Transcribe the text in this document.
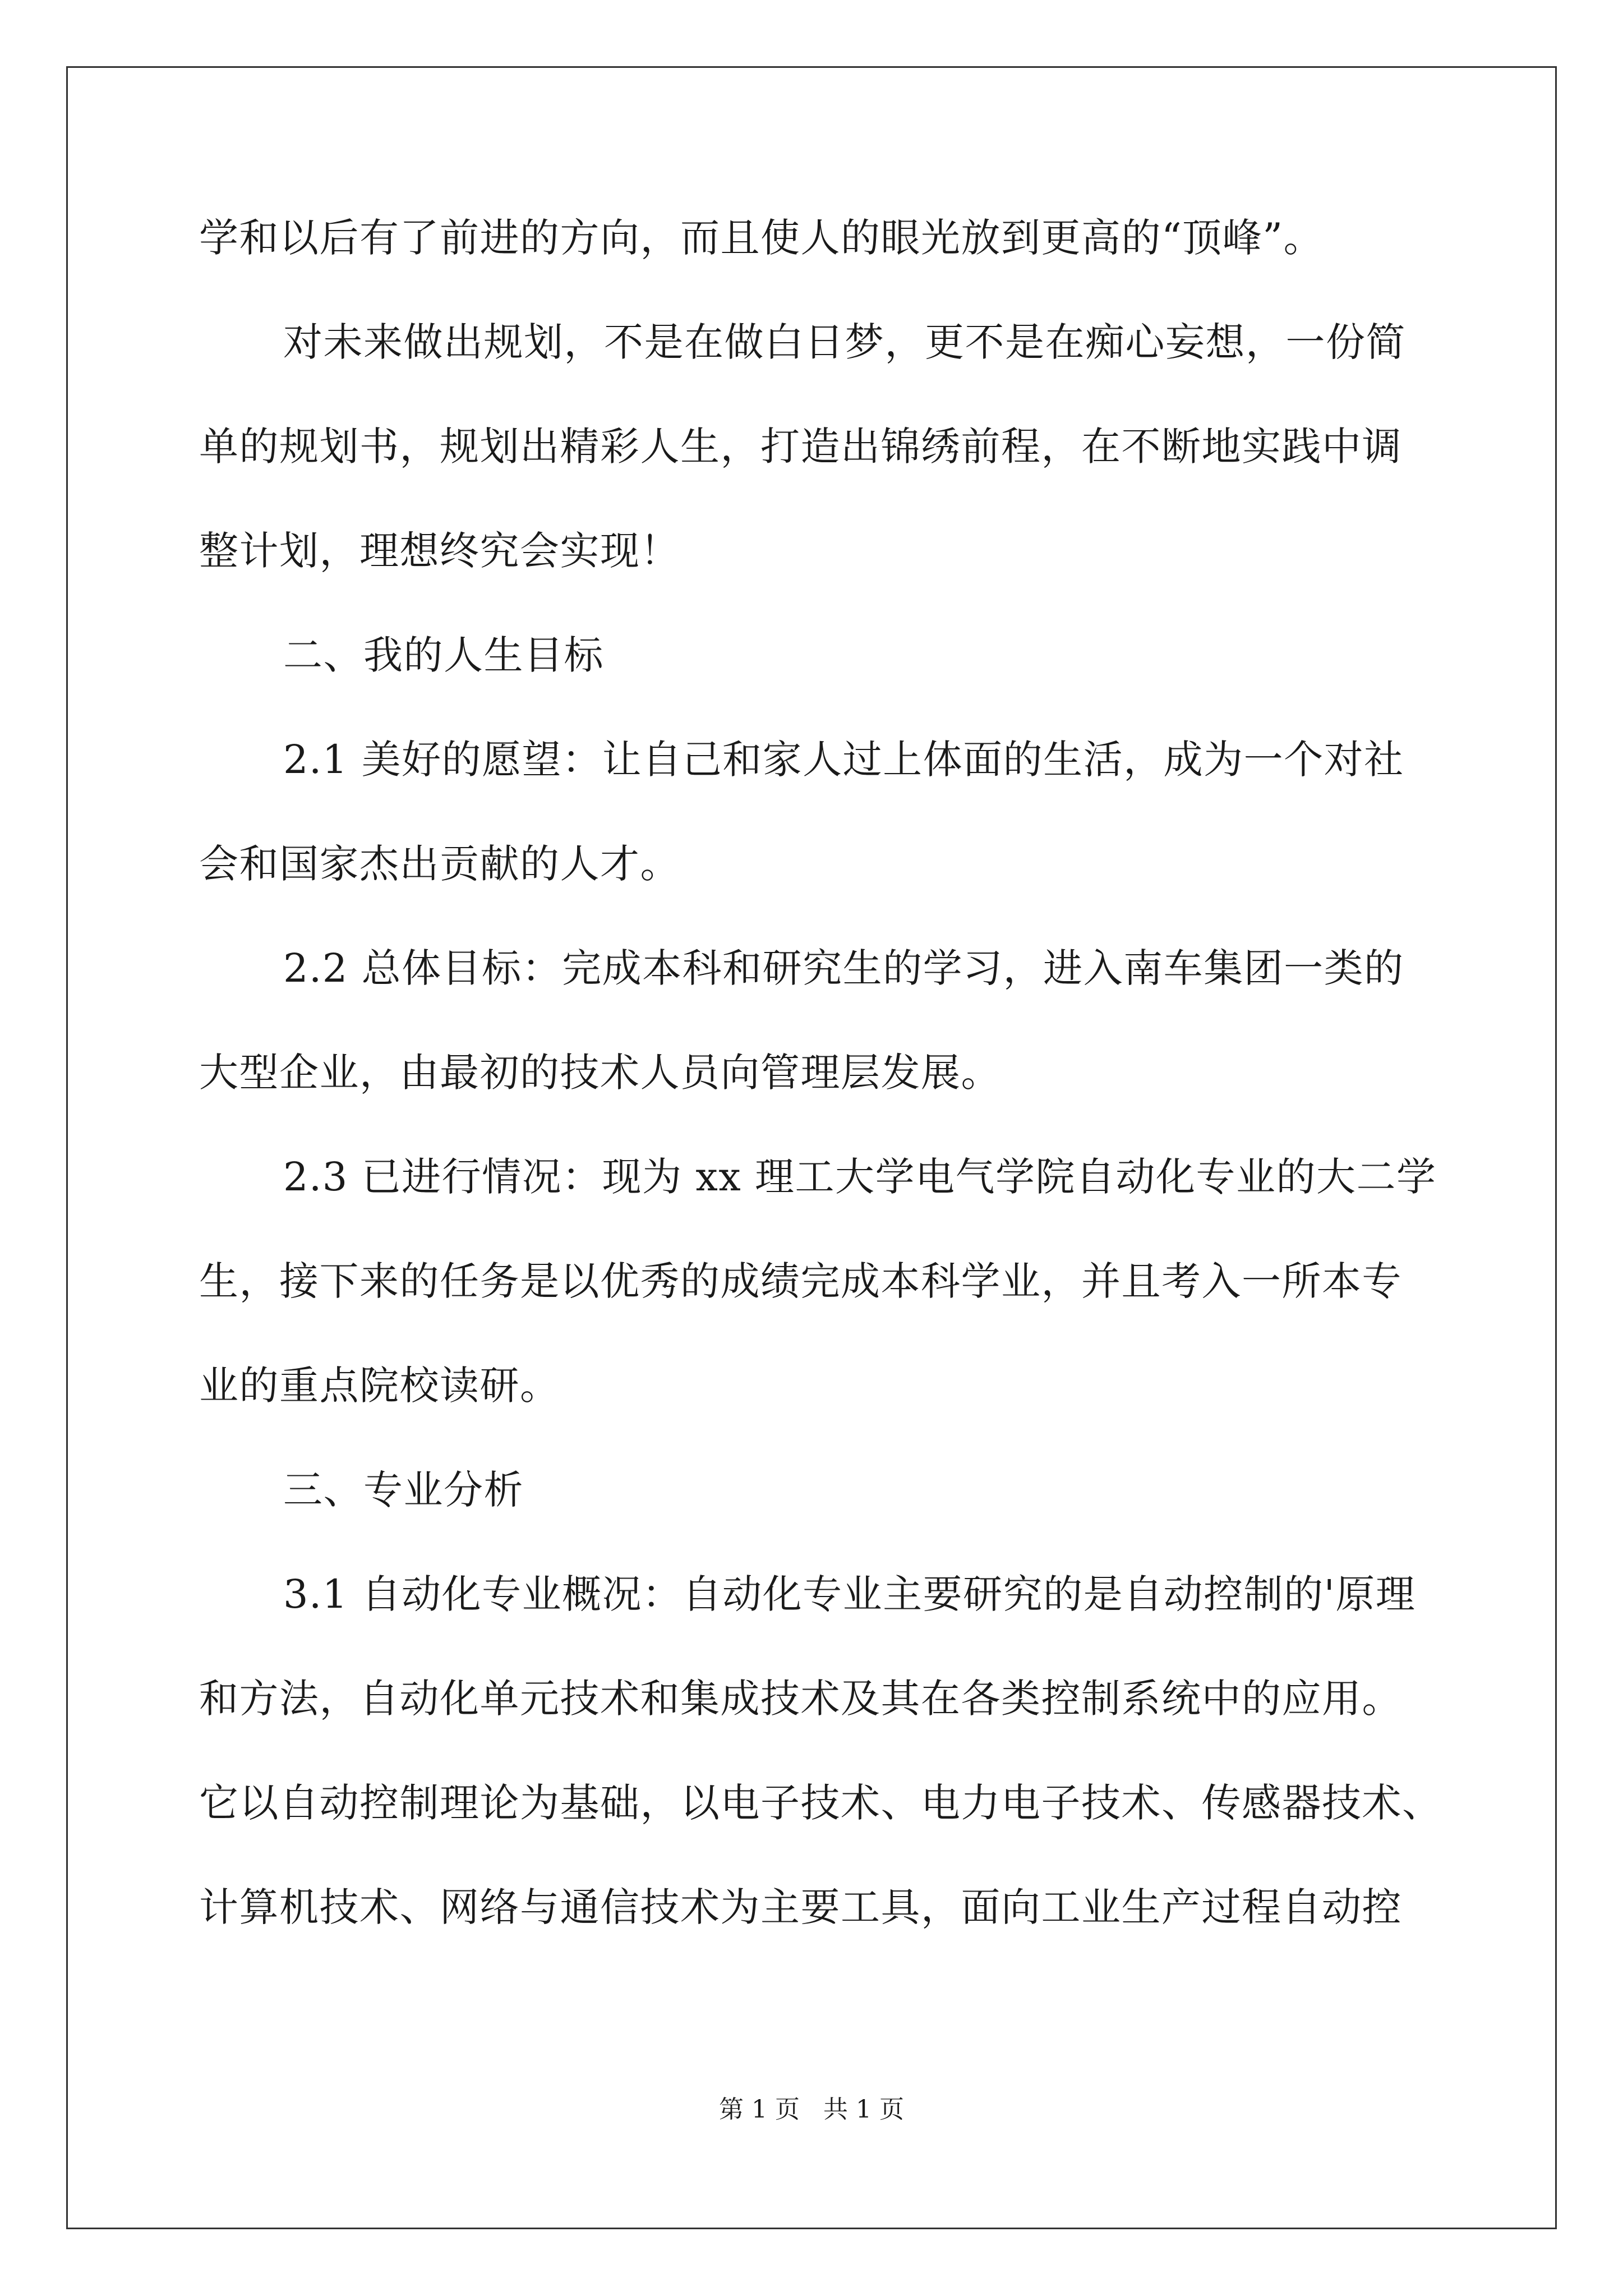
学和以后有了前进的方向，而且使人的眼光放到更高的“顶峰”。

对未来做出规划，不是在做白日梦，更不是在痴心妄想，一份简

单的规划书，规划出精彩人生，打造出锦绣前程，在不断地实践中调

整计划，理想终究会实现！

二、我的人生目标

2.1 美好的愿望：让自己和家人过上体面的生活，成为一个对社

会和国家杰出贡献的人才。

2.2 总体目标：完成本科和研究生的学习，进入南车集团一类的

大型企业，由最初的技术人员向管理层发展。

2.3 已进行情况：现为 xx 理工大学电气学院自动化专业的大二学

生，接下来的任务是以优秀的成绩完成本科学业，并且考入一所本专

业的重点院校读研。

三、专业分析

3.1 自动化专业概况：自动化专业主要研究的是自动控制的'原理

和方法，自动化单元技术和集成技术及其在各类控制系统中的应用。

它以自动控制理论为基础，以电子技术、电力电子技术、传感器技术、

计算机技术、网络与通信技术为主要工具，面向工业生产过程自动控

第 1 页 共 1 页
